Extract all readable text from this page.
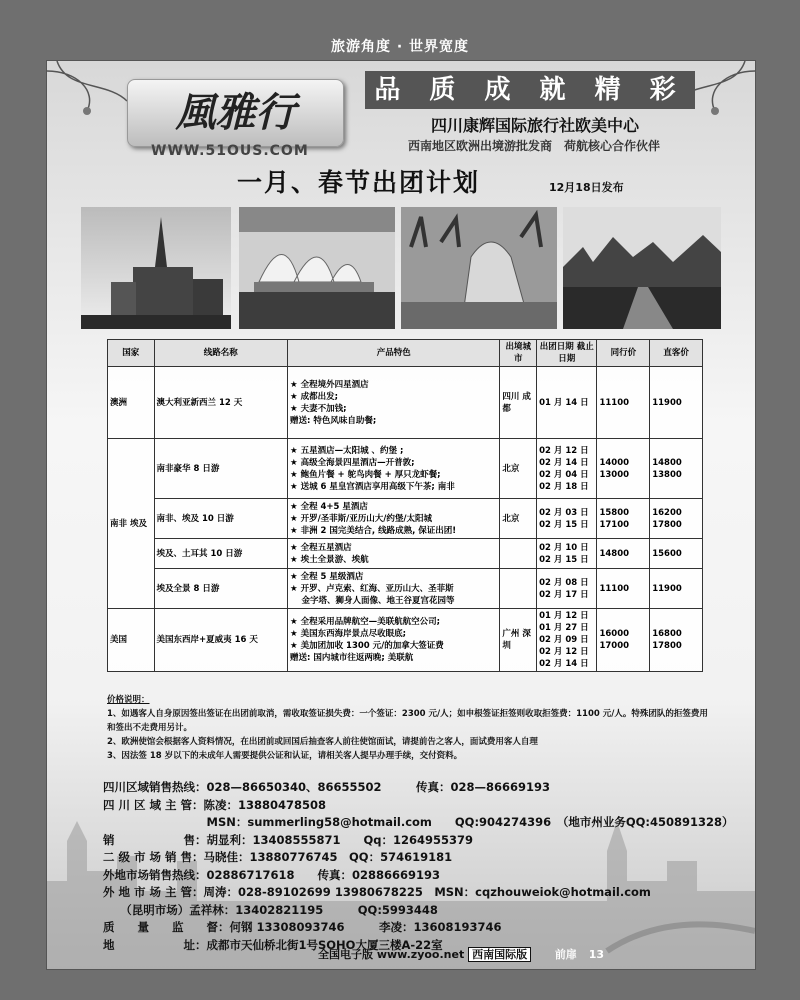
旅游角度 · 世界宽度
風雅行
WWW.51OUS.COM
品 质 成 就 精 彩
四川康辉国际旅行社欧美中心
西南地区欧洲出境游批发商　荷航核心合作伙伴
一月、春节出团计划	12月18日发布
国家	线路名称	产品特色	出境城市	出团日期 截止日期	同行价	直客价
澳洲	澳大利亚新西兰 12 天	★ 全程境外四星酒店
★ 成都出发;
★ 夫妻不加钱;
赠送: 特色风味自助餐;	四川 成都	01 月 14 日	11100	11900
南非 埃及	南非豪华 8 日游	★ 五星酒店—太阳城 、约堡 ;
★ 高级全海景四星酒店—开普敦;
★ 鲍鱼片餐 + 鸵鸟肉餐 + 厚只龙虾餐;
★ 送城 6 星皇宫酒店享用高级下午茶; 南非	北京	02 月 12 日 02 月 14 日 02 月 04 日 02 月 18 日	14000 13000	14800 13800
	南非、埃及 10 日游	★ 全程 4+5 星酒店
★ 开罗/圣菲斯/亚历山大/约堡/太阳城
★ 非洲 2 国完美结合, 线路成熟, 保证出团!	北京	02 月 03 日 02 月 15 日	15800 17100	16200 17800
	埃及、土耳其 10 日游	★ 全程五星酒店
★ 埃土全景游、埃航		02 月 10 日 02 月 15 日	14800	15600
	埃及全景 8 日游	★ 全程 5 星级酒店
★ 开罗、卢克索、红海、亚历山大、圣菲斯
　 金字塔、狮身人面像、地王谷夏宫花园等		02 月 08 日 02 月 17 日	11100	11900
美国	美国东西岸+夏威夷 16 天	★ 全程采用品牌航空—美联航航空公司;
★ 美国东西海岸景点尽收眼底;
★ 美加团加收 1300 元/的加拿大签证费
赠送: 国内城市往返两晚; 美联航	广州 深圳	01 月 12 日 01 月 27 日 02 月 09 日 02 月 12 日 02 月 14 日	16000 17000	16800 17800
价格说明：
1、如遇客人自身原因签出签证在出团前取消，需收取签证损失费：一个签证：2300 元/人；如申根签证拒签则收取拒签费：1100 元/人。特殊团队的拒签费用和签出不走费用另计。
2、欧洲使馆会根据客人资料情况，在出团前或回国后抽查客人前往使馆面试，请提前告之客人，面试费用客人自理
3、因法签 18 岁以下的未成年人需要提供公证和认证，请相关客人提早办理手续，交付资料。
四川区域销售热线：028—86650340、86655502　　　传真：028—86669193
四 川 区 域 主 管：陈凌：13880478508
　　　　　　　　　MSN：summerling58@hotmail.com　　QQ:904274396　（地市州业务QQ:450891328）
销　　　　　　售：胡显利：13408555871　　Qq：1264955379
二 级 市 场 销 售：马晓佳：13880776745　QQ：574619181
外地市场销售热线：02886717618　　传真：02886669193
外 地 市 场 主 管：周涛：028-89102699 13980678225　MSN：cqzhouweiok@hotmail.com
　　（昆明市场）孟祥林：13402821195　　　QQ:5993448
质　　量　　监　　督：何钢 13308093746　　　李凌：13608193746
地　　　　　　址：成都市天仙桥北街1号SOHO大厦三楼A-22室
全国电子版 www.zyoo.net 西南国际版	前扉 13
